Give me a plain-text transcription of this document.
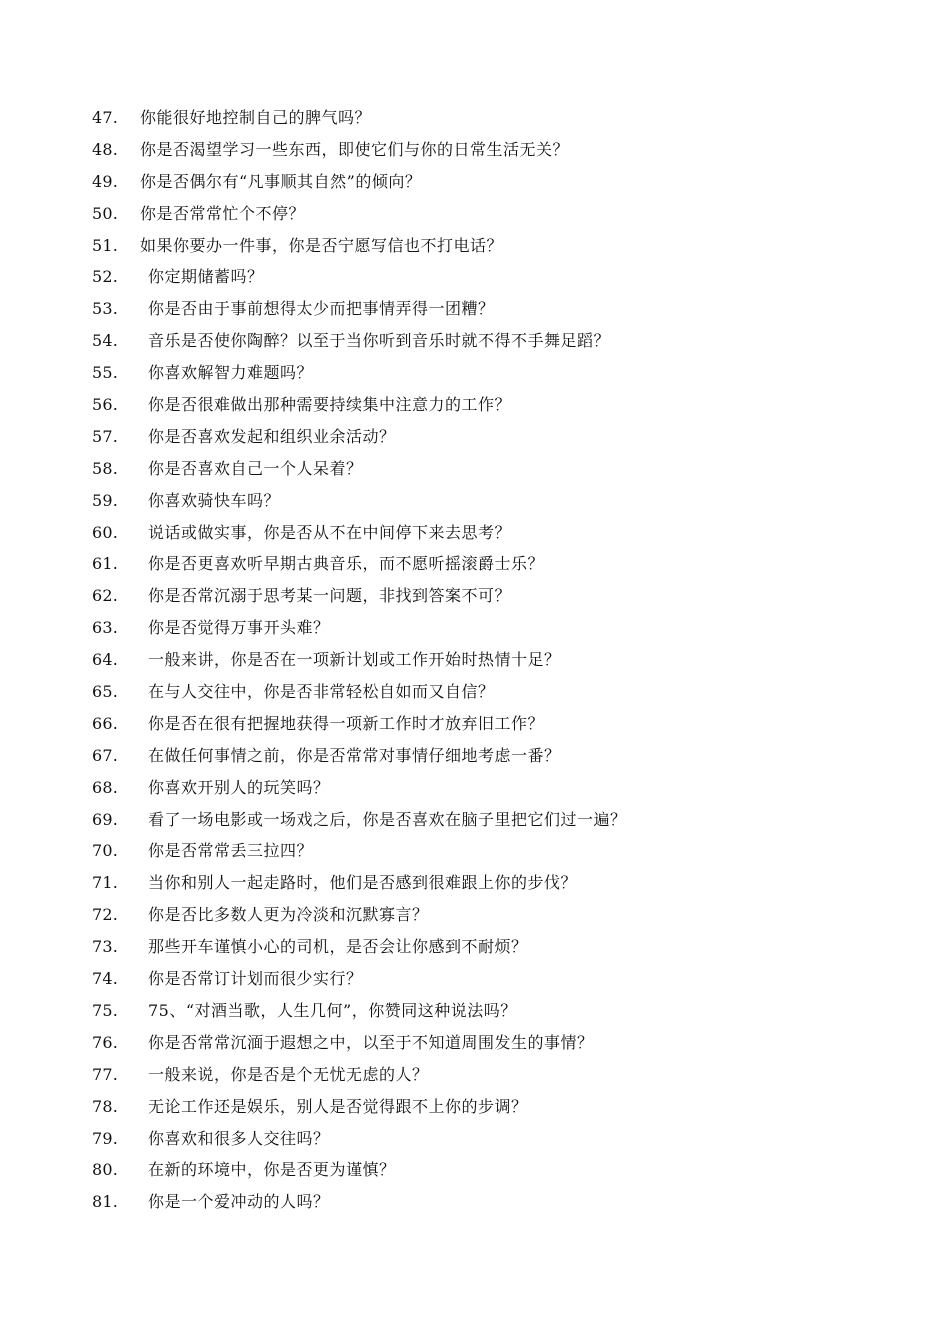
47.	你能很好地控制自己的脾气吗？
48.	你是否渴望学习一些东西，即使它们与你的日常生活无关？
49.	你是否偶尔有“凡事顺其自然”的倾向？
50.	你是否常常忙个不停？
51.	如果你要办一件事，你是否宁愿写信也不打电话？
52.	你定期储蓄吗？
53.	你是否由于事前想得太少而把事情弄得一团糟？
54.	音乐是否使你陶醉？以至于当你听到音乐时就不得不手舞足蹈？
55.	你喜欢解智力难题吗？
56.	你是否很难做出那种需要持续集中注意力的工作？
57.	你是否喜欢发起和组织业余活动？
58.	你是否喜欢自己一个人呆着？
59.	你喜欢骑快车吗？
60.	说话或做实事，你是否从不在中间停下来去思考？
61.	你是否更喜欢听早期古典音乐，而不愿听摇滚爵士乐？
62.	你是否常沉溺于思考某一问题，非找到答案不可？
63.	你是否觉得万事开头难？
64.	一般来讲，你是否在一项新计划或工作开始时热情十足？
65.	在与人交往中，你是否非常轻松自如而又自信？
66.	你是否在很有把握地获得一项新工作时才放弃旧工作？
67.	在做任何事情之前，你是否常常对事情仔细地考虑一番？
68.	你喜欢开别人的玩笑吗？
69.	看了一场电影或一场戏之后，你是否喜欢在脑子里把它们过一遍？
70.	你是否常常丢三拉四？
71.	当你和别人一起走路时，他们是否感到很难跟上你的步伐？
72.	你是否比多数人更为冷淡和沉默寡言？
73.	那些开车谨慎小心的司机，是否会让你感到不耐烦？
74.	你是否常订计划而很少实行？
75.	75、“对酒当歌，人生几何”，你赞同这种说法吗？
76.	你是否常常沉湎于遐想之中，以至于不知道周围发生的事情？
77.	一般来说，你是否是个无忧无虑的人？
78.	无论工作还是娱乐，别人是否觉得跟不上你的步调？
79.	你喜欢和很多人交往吗？
80.	在新的环境中，你是否更为谨慎？
81.	你是一个爱冲动的人吗？
